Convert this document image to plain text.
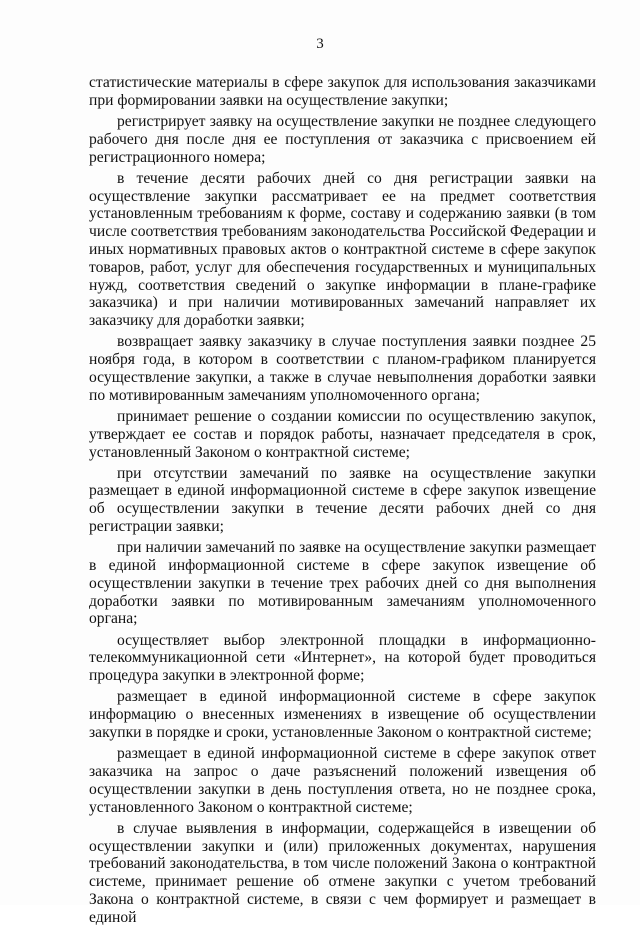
3

статистические материалы в сфере закупок для использования заказчиками при формировании заявки на осуществление закупки;

регистрирует заявку на осуществление закупки не позднее следующего рабочего дня после дня ее поступления от заказчика с присвоением ей регистрационного номера;

в течение десяти рабочих дней со дня регистрации заявки на осуществление закупки рассматривает ее на предмет соответствия установленным требованиям к форме, составу и содержанию заявки (в том числе соответствия требованиям законодательства Российской Федерации и иных нормативных правовых актов о контрактной системе в сфере закупок товаров, работ, услуг для обеспечения государственных и муниципальных нужд, соответствия сведений о закупке информации в плане-графике заказчика) и при наличии мотивированных замечаний направляет их заказчику для доработки заявки;

возвращает заявку заказчику в случае поступления заявки позднее 25 ноября года, в котором в соответствии с планом-графиком планируется осуществление закупки, а также в случае невыполнения доработки заявки по мотивированным замечаниям уполномоченного органа;

принимает решение о создании комиссии по осуществлению закупок, утверждает ее состав и порядок работы, назначает председателя в срок, установленный Законом о контрактной системе;

при отсутствии замечаний по заявке на осуществление закупки размещает в единой информационной системе в сфере закупок извещение об осуществлении закупки в течение десяти рабочих дней со дня регистрации заявки;

при наличии замечаний по заявке на осуществление закупки размещает в единой информационной системе в сфере закупок извещение об осуществлении закупки в течение трех рабочих дней со дня выполнения доработки заявки по мотивированным замечаниям уполномоченного органа;

осуществляет выбор электронной площадки в информационно-телекоммуникационной сети «Интернет», на которой будет проводиться процедура закупки в электронной форме;

размещает в единой информационной системе в сфере закупок информацию о внесенных изменениях в извещение об осуществлении закупки в порядке и сроки, установленные Законом о контрактной системе;

размещает в единой информационной системе в сфере закупок ответ заказчика на запрос о даче разъяснений положений извещения об осуществлении закупки в день поступления ответа, но не позднее срока, установленного Законом о контрактной системе;

в случае выявления в информации, содержащейся в извещении об осуществлении закупки и (или) приложенных документах, нарушения требований законодательства, в том числе положений Закона о контрактной системе, принимает решение об отмене закупки с учетом требований Закона о контрактной системе, в связи с чем формирует и размещает в единой
